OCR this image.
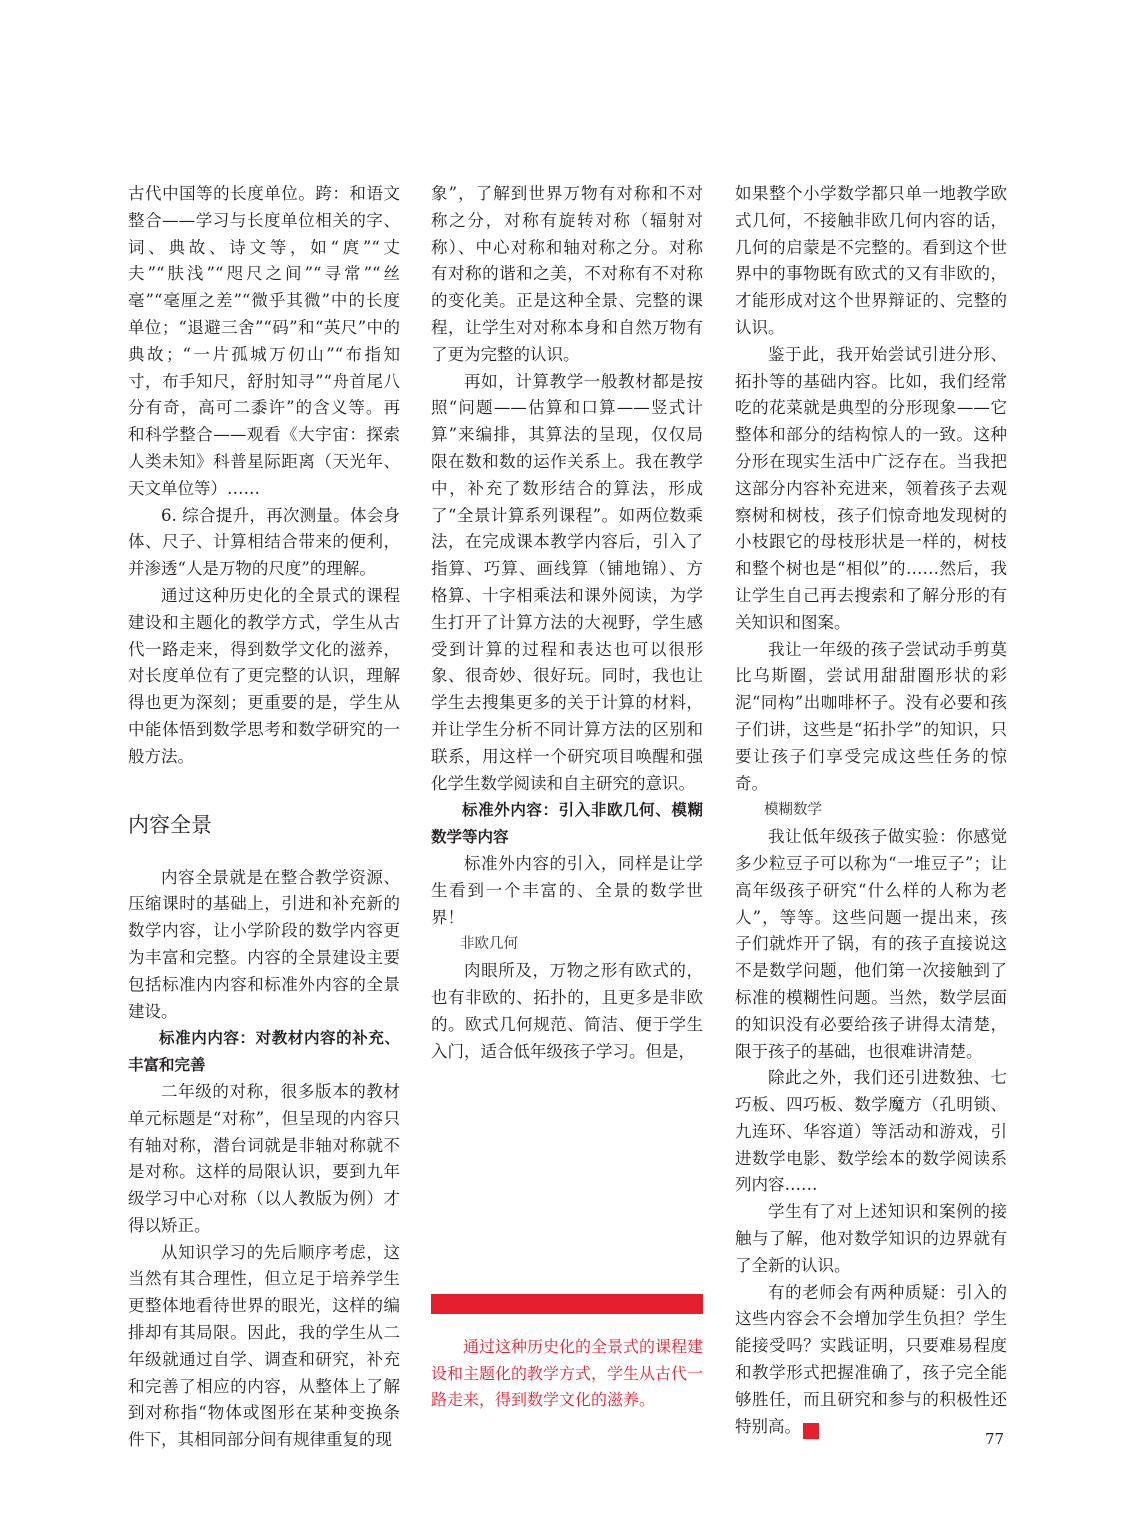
古代中国等的长度单位。跨：和语文整合——学习与长度单位相关的字、词、典故、诗文等，如“庹”“丈夫”“肤浅”“咫尺之间”“寻常”“丝毫”“毫厘之差”“微乎其微”中的长度单位；“退避三舍”“码”和“英尺”中的典故；“一片孤城万仞山”“布指知寸，布手知尺，舒肘知寻”“舟首尾八分有奇，高可二黍许”的含义等。再和科学整合——观看《大宇宙：探索人类未知》科普星际距离（天光年、天文单位等）……

6. 综合提升，再次测量。体会身体、尺子、计算相结合带来的便利，并渗透“人是万物的尺度”的理解。

通过这种历史化的全景式的课程建设和主题化的教学方式，学生从古代一路走来，得到数学文化的滋养，对长度单位有了更完整的认识，理解得也更为深刻；更重要的是，学生从中能体悟到数学思考和数学研究的一般方法。

内容全景

内容全景就是在整合教学资源、压缩课时的基础上，引进和补充新的数学内容，让小学阶段的数学内容更为丰富和完整。内容的全景建设主要包括标准内内容和标准外内容的全景建设。

标准内内容：对教材内容的补充、丰富和完善

二年级的对称，很多版本的教材单元标题是“对称”，但呈现的内容只有轴对称，潜台词就是非轴对称就不是对称。这样的局限认识，要到九年级学习中心对称（以人教版为例）才得以矫正。

从知识学习的先后顺序考虑，这当然有其合理性，但立足于培养学生更整体地看待世界的眼光，这样的编排却有其局限。因此，我的学生从二年级就通过自学、调查和研究，补充和完善了相应的内容，从整体上了解到对称指“物体或图形在某种变换条件下，其相同部分间有规律重复的现

象”，了解到世界万物有对称和不对称之分，对称有旋转对称（辐射对称）、中心对称和轴对称之分。对称有对称的谐和之美，不对称有不对称的变化美。正是这种全景、完整的课程，让学生对对称本身和自然万物有了更为完整的认识。

再如，计算教学一般教材都是按照“问题——估算和口算——竖式计算”来编排，其算法的呈现，仅仅局限在数和数的运作关系上。我在教学中，补充了数形结合的算法，形成了“全景计算系列课程”。如两位数乘法，在完成课本教学内容后，引入了指算、巧算、画线算（铺地锦）、方格算、十字相乘法和课外阅读，为学生打开了计算方法的大视野，学生感受到计算的过程和表达也可以很形象、很奇妙、很好玩。同时，我也让学生去搜集更多的关于计算的材料，并让学生分析不同计算方法的区别和联系，用这样一个研究项目唤醒和强化学生数学阅读和自主研究的意识。

标准外内容：引入非欧几何、模糊数学等内容

标准外内容的引入，同样是让学生看到一个丰富的、全景的数学世界！

非欧几何

肉眼所及，万物之形有欧式的，也有非欧的、拓扑的，且更多是非欧的。欧式几何规范、简洁、便于学生入门，适合低年级孩子学习。但是，

通过这种历史化的全景式的课程建设和主题化的教学方式，学生从古代一路走来，得到数学文化的滋养。

如果整个小学数学都只单一地教学欧式几何，不接触非欧几何内容的话，几何的启蒙是不完整的。看到这个世界中的事物既有欧式的又有非欧的，才能形成对这个世界辩证的、完整的认识。

鉴于此，我开始尝试引进分形、拓扑等的基础内容。比如，我们经常吃的花菜就是典型的分形现象——它整体和部分的结构惊人的一致。这种分形在现实生活中广泛存在。当我把这部分内容补充进来，领着孩子去观察树和树枝，孩子们惊奇地发现树的小枝跟它的母枝形状是一样的，树枝和整个树也是“相似”的……然后，我让学生自己再去搜索和了解分形的有关知识和图案。

我让一年级的孩子尝试动手剪莫比乌斯圈，尝试用甜甜圈形状的彩泥“同构”出咖啡杯子。没有必要和孩子们讲，这些是“拓扑学”的知识，只要让孩子们享受完成这些任务的惊奇。

模糊数学

我让低年级孩子做实验：你感觉多少粒豆子可以称为“一堆豆子”；让高年级孩子研究“什么样的人称为老人”，等等。这些问题一提出来，孩子们就炸开了锅，有的孩子直接说这不是数学问题，他们第一次接触到了标准的模糊性问题。当然，数学层面的知识没有必要给孩子讲得太清楚，限于孩子的基础，也很难讲清楚。

除此之外，我们还引进数独、七巧板、四巧板、数学魔方（孔明锁、九连环、华容道）等活动和游戏，引进数学电影、数学绘本的数学阅读系列内容……

学生有了对上述知识和案例的接触与了解，他对数学知识的边界就有了全新的认识。

有的老师会有两种质疑：引入的这些内容会不会增加学生负担？学生能接受吗？实践证明，只要难易程度和教学形式把握准确了，孩子完全能够胜任，而且研究和参与的积极性还特别高。	家	77
